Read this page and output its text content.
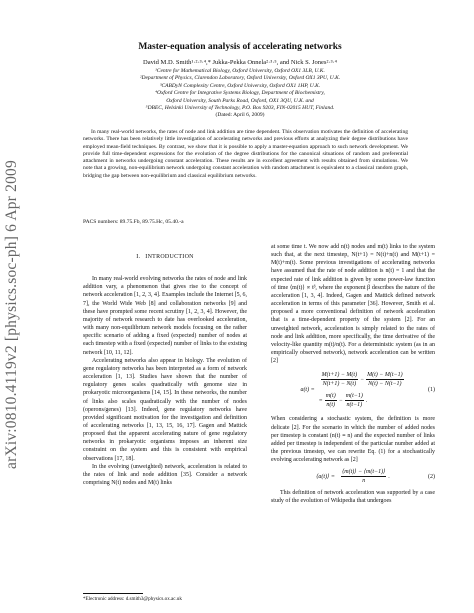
arXiv:0810.4119v2 [physics.soc-ph] 6 Apr 2009
Master-equation analysis of accelerating networks
David M.D. Smith¹·²·³·⁴,* Jukka-Pekka Onnela²·³·⁵, and Nick S. Jones²·³·⁴
¹Centre for Mathematical Biology, Oxford University, Oxford OX1 3LB, U.K.
²Department of Physics, Clarendon Laboratory, Oxford University, Oxford OX1 3PU, U.K.
³CABDyN Complexity Centre, Oxford University, Oxford OX1 1HP, U.K.
⁴Oxford Centre for Integrative Systems Biology, Department of Biochemistry,
Oxford University, South Parks Road, Oxford, OX1 3QU, U.K. and
⁵DBEC, Helsinki University of Technology, P.O. Box 9203, FIN-02015 HUT, Finland.
(Dated: April 6, 2009)
In many real-world networks, the rates of node and link addition are time dependent. This observation motivates the definition of accelerating networks. There has been relatively little investigation of accelerating networks and previous efforts at analyzing their degree distributions have employed mean-field techniques. By contrast, we show that it is possible to apply a master-equation approach to such network development. We provide full time-dependent expressions for the evolution of the degree distributions for the canonical situations of random and preferential attachment in networks undergoing constant acceleration. These results are in excellent agreement with results obtained from simulations. We note that a growing, non-equilibrium network undergoing constant acceleration with random attachment is equivalent to a classical random graph, bridging the gap between non-equilibrium and classical equilibrium networks.
PACS numbers: 89.75.Fb, 89.75.Hc, 05.40.-a
I. INTRODUCTION

In many real-world evolving networks the rates of node and link addition vary, a phenomenon that gives rise to the concept of network acceleration [1, 2, 3, 4]. Examples include the Internet [5, 6, 7], the World Wide Web [8] and collaboration networks [9] and these have prompted some recent scrutiny [1, 2, 3, 4]. However, the majority of network research to date has overlooked acceleration, with many non-equilibrium network models focusing on the rather specific scenario of adding a fixed (expected) number of nodes at each timestep with a fixed (expected) number of links to the existing network [10, 11, 12].

Accelerating networks also appear in biology. The evolution of gene regulatory networks has been interpreted as a form of network acceleration [1, 13]. Studies have shown that the number of regulatory genes scales quadratically with genome size in prokaryotic microorganisms [14, 15]. In these networks, the number of links also scales quadratically with the number of nodes (operons/genes) [13]. Indeed, gene regulatory networks have provided significant motivation for the investigation and definition of accelerating networks [1, 13, 15, 16, 17]. Gagen and Mattick proposed that the apparent accelerating nature of gene regulatory networks in prokaryotic organisms imposes an inherent size constraint on the system and this is consistent with empirical observations [17, 18].

In the evolving (unweighted) network, acceleration is related to the rates of link and node addition [35]. Consider a network comprising N(t) nodes and M(t) links

at some time t. We now add n(t) nodes and m(t) links to the system such that, at the next timestep, N(t+1) = N(t)+n(t) and M(t+1) = M(t)+m(t). Some previous investigations of accelerating networks have assumed that the rate of node addition is n(t) = 1 and that the expected rate of link addition is given by some power-law function of time ⟨m(t)⟩ ∝ tᵝ, where the exponent β describes the nature of the acceleration [1, 3, 4]. Indeed, Gagen and Mattick defined network acceleration in terms of this parameter [36]. However, Smith et al. proposed a more conventional definition of network acceleration that is a time-dependent property of the system [2]. For an unweighted network, acceleration is simply related to the rates of node and link addition, more specifically, the time derivative of the velocity-like quantity m(t)/n(t). For a deterministic system (as in an empirically observed network), network acceleration can be written [2]

a(t) =
$\frac{M(t+1) - M(t)}{N(t+1) - N(t)} - \frac{M(t) - M(t-1)}{N(t) - N(t-1)}$
= $\frac{m(t)}{n(t)} - \frac{m(t-1)}{n(t-1)}$ .
(1)

When considering a stochastic system, the definition is more delicate [2]. For the scenario in which the number of added nodes per timestep is constant (n(t) ≡ n) and the expected number of links added per timestep is independent of the particular number added at the previous timestep, we can rewrite Eq. (1) for a stochastically evolving accelerating network as [2]

⟨a(t)⟩ = $\frac{⟨m(t)⟩ - ⟨m(t-1)⟩}{n}$ .	(2)

This definition of network acceleration was supported by a case study of the evolution of Wikipedia that undergoes

*Electronic address: d.smith3@physics.ox.ac.uk
